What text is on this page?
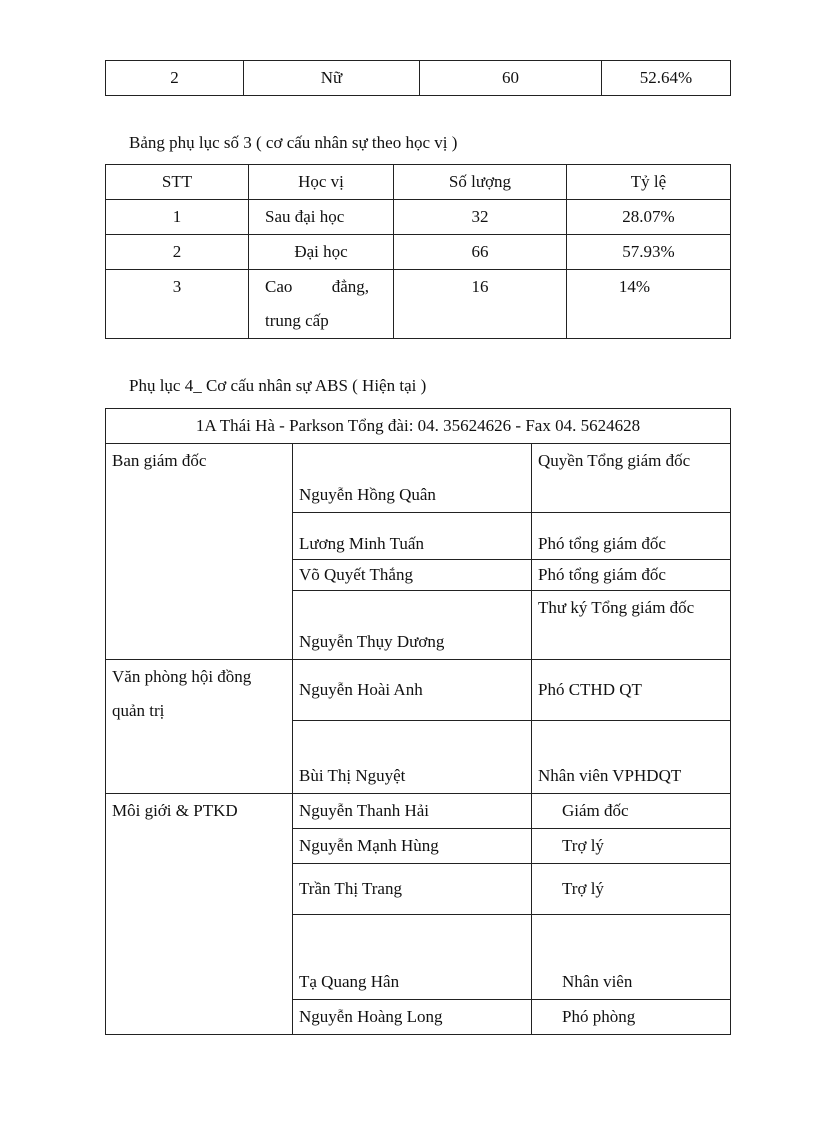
2	Nữ	60	52.64%
Bảng phụ lục số 3 ( cơ cấu nhân sự theo học vị )
STT	Học vị	Số lượng	Tỷ lệ
1	Sau đại học	32	28.07%
2	Đại học	66	57.93%
3	Cao đẳng, trung cấp	16	14%
Phụ lục 4_ Cơ cấu nhân sự ABS ( Hiện tại )
1A Thái Hà - Parkson Tổng đài: 04. 35624626 - Fax 04. 5624628		
Ban giám đốc	Nguyễn Hồng Quân	Quyền Tổng giám đốc
	Lương Minh Tuấn	Phó tổng giám đốc
	Võ Quyết Thắng	Phó tổng giám đốc
	Nguyễn Thụy Dương	Thư ký Tổng giám đốc
Văn phòng hội đồng quản trị	Nguyễn Hoài Anh	Phó CTHD QT
	Bùi Thị Nguyệt	Nhân viên VPHDQT
Môi giới & PTKD	Nguyễn Thanh Hải	Giám đốc
	Nguyễn Mạnh Hùng	Trợ lý
	Trần Thị Trang	Trợ lý
	Tạ Quang Hân	Nhân viên
	Nguyễn Hoàng Long	Phó phòng
